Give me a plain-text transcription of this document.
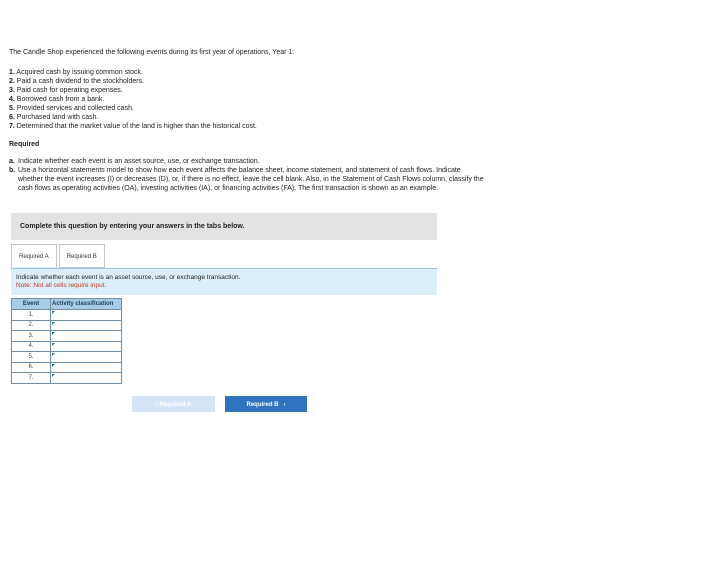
The Candle Shop experienced the following events during its first year of operations, Year 1:

1. Acquired cash by issuing common stock.
2. Paid a cash dividend to the stockholders.
3. Paid cash for operating expenses.
4. Borrowed cash from a bank.
5. Provided services and collected cash.
6. Purchased land with cash.
7. Determined that the market value of the land is higher than the historical cost.
Required
a. Indicate whether each event is an asset source, use, or exchange transaction.
b. Use a horizontal statements model to show how each event affects the balance sheet, income statement, and statement of cash flows. Indicate whether the event increases (I) or decreases (D), or, if there is no effect, leave the cell blank. Also, in the Statement of Cash Flows column, classify the cash flows as operating activities (OA), investing activities (IA), or financing activities (FA). The first transaction is shown as an example.
Complete this question by entering your answers in the tabs below.
Required A	Required B
Indicate whether each event is an asset source, use, or exchange transaction.
Note: Not all cells require input.
Event	Activity classification
1.	

2.	

3.	

4.	

5.	

6.	

7.	
‹ Required A	Required B   ›
